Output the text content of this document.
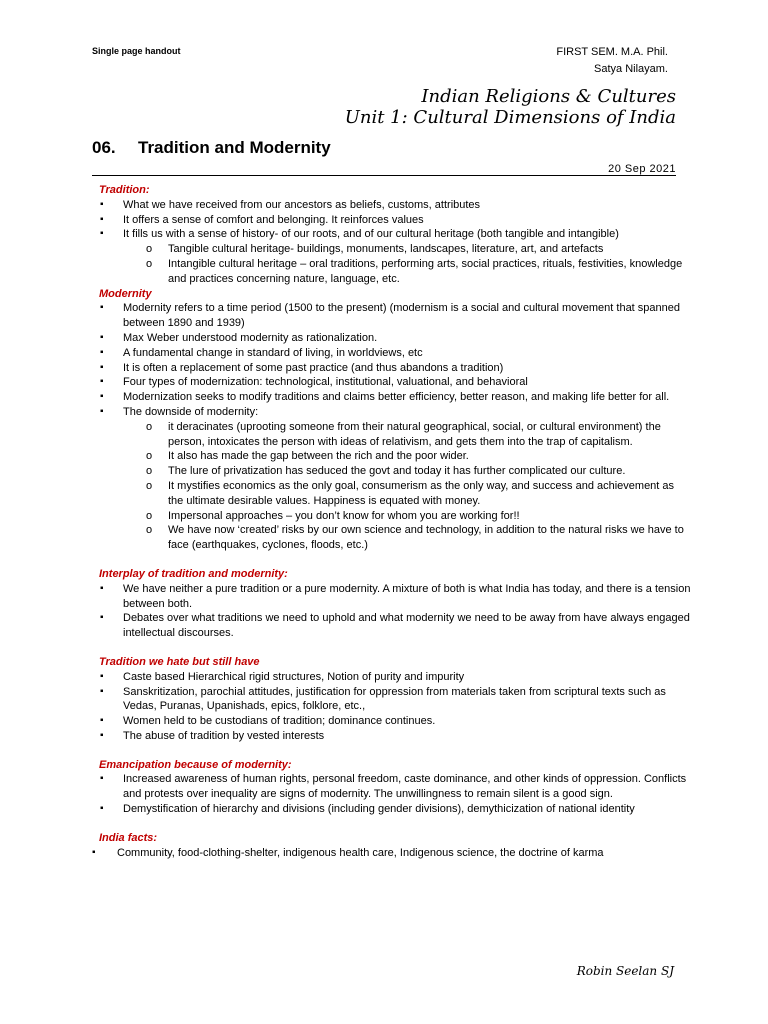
Single page handout	FIRST SEM. M.A. Phil.
Satya Nilayam.
Indian Religions & Cultures
Unit 1: Cultural Dimensions of India
06. Tradition and Modernity
20 Sep 2021
Tradition:
▪ What we have received from our ancestors as beliefs, customs, attributes
▪ It offers a sense of comfort and belonging. It reinforces values
▪ It fills us with a sense of history- of our roots, and of our cultural heritage (both tangible and intangible)
o Tangible cultural heritage- buildings, monuments, landscapes, literature, art, and artefacts
o Intangible cultural heritage – oral traditions, performing arts, social practices, rituals, festivities, knowledge and practices concerning nature, language, etc.
Modernity
▪ Modernity refers to a time period (1500 to the present) (modernism is a social and cultural movement that spanned between 1890 and 1939)
▪ Max Weber understood modernity as rationalization.
▪ A fundamental change in standard of living, in worldviews, etc
▪ It is often a replacement of some past practice (and thus abandons a tradition)
▪ Four types of modernization: technological, institutional, valuational, and behavioral
▪ Modernization seeks to modify traditions and claims better efficiency, better reason, and making life better for all.
▪ The downside of modernity:
o it deracinates (uprooting someone from their natural geographical, social, or cultural environment) the person, intoxicates the person with ideas of relativism, and gets them into the trap of capitalism.
o It also has made the gap between the rich and the poor wider.
o The lure of privatization has seduced the govt and today it has further complicated our culture.
o It mystifies economics as the only goal, consumerism as the only way, and success and achievement as the ultimate desirable values. Happiness is equated with money.
o Impersonal approaches – you don’t know for whom you are working for!!
o We have now ‘created’ risks by our own science and technology, in addition to the natural risks we have to face (earthquakes, cyclones, floods, etc.)
Interplay of tradition and modernity:
▪ We have neither a pure tradition or a pure modernity. A mixture of both is what India has today, and there is a tension between both.
▪ Debates over what traditions we need to uphold and what modernity we need to be away from have always engaged intellectual discourses.
Tradition we hate but still have
▪ Caste based Hierarchical rigid structures, Notion of purity and impurity
▪ Sanskritization, parochial attitudes, justification for oppression from materials taken from scriptural texts such as Vedas, Puranas, Upanishads, epics, folklore, etc.,
▪ Women held to be custodians of tradition; dominance continues.
▪ The abuse of tradition by vested interests
Emancipation because of modernity:
▪ Increased awareness of human rights, personal freedom, caste dominance, and other kinds of oppression. Conflicts and protests over inequality are signs of modernity. The unwillingness to remain silent is a good sign.
▪ Demystification of hierarchy and divisions (including gender divisions), demythicization of national identity
India facts:
▪ Community, food-clothing-shelter, indigenous health care, Indigenous science, the doctrine of karma
Robin Seelan SJ
